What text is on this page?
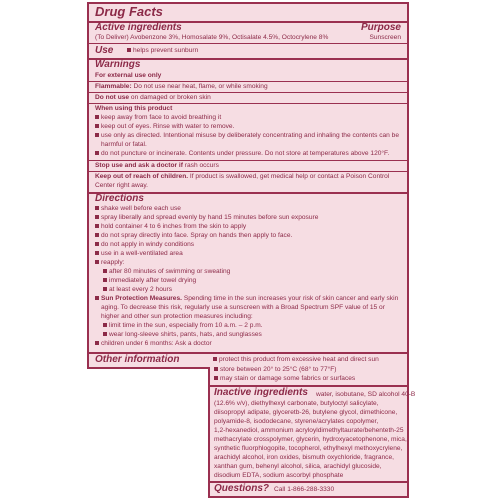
Drug Facts
Active ingredients	Purpose
(To Deliver) Avobenzone 3%, Homosalate 9%, Octisalate 4.5%, Octocrylene 8%	Sunscreen
Use	helps prevent sunburn
Warnings
For external use only
Flammable: Do not use near heat, flame, or while smoking
Do not use on damaged or broken skin
When using this product
keep away from face to avoid breathing it
keep out of eyes. Rinse with water to remove.
use only as directed. Intentional misuse by deliberately concentrating and inhaling the contents can be
harmful or fatal.
do not puncture or incinerate. Contents under pressure. Do not store at temperatures above 120°F.
Stop use and ask a doctor if rash occurs
Keep out of reach of children. If product is swallowed, get medical help or contact a Poison Control
Center right away.
Directions
shake well before each use
spray liberally and spread evenly by hand 15 minutes before sun exposure
hold container 4 to 6 inches from the skin to apply
do not spray directly into face. Spray on hands then apply to face.
do not apply in windy conditions
use in a well-ventilated area
reapply:
after 80 minutes of swimming or sweating
immediately after towel drying
at least every 2 hours
Sun Protection Measures. Spending time in the sun increases your risk of skin cancer and early skin
aging. To decrease this risk, regularly use a sunscreen with a Broad Spectrum SPF value of 15 or
higher and other sun protection measures including:
limit time in the sun, especially from 10 a.m. – 2 p.m.
wear long-sleeve shirts, pants, hats, and sunglasses
children under 6 months: Ask a doctor
Other information	protect this product from excessive heat and direct sun
store between 20° to 25°C (68° to 77°F)
may stain or damage some fabrics or surfaces
Inactive ingredients water, isobutane, SD alcohol 40-B
(12.6% v/v), diethylhexyl carbonate, butyloctyl salicylate,
diisopropyl adipate, glyceretb-26, butylene glycol, dimethicone,
polyamide-8, isododecane, styrene/acrylates copolymer,
1,2-hexanediol, ammonium acryloyldimethyltaurate/behenteth-25
methacrylate crosspolymer, glycerin, hydroxyacetophenone, mica,
synthetic fluorphlogopite, tocopherol, ethylhexyl methoxycrylene,
arachidyl alcohol, iron oxides, bismuth oxychloride, fragrance,
xanthan gum, behenyl alcohol, silica, arachidyl glucoside,
disodium EDTA, sodium ascorbyl phosphate
Questions? Call 1-866-288-3330
